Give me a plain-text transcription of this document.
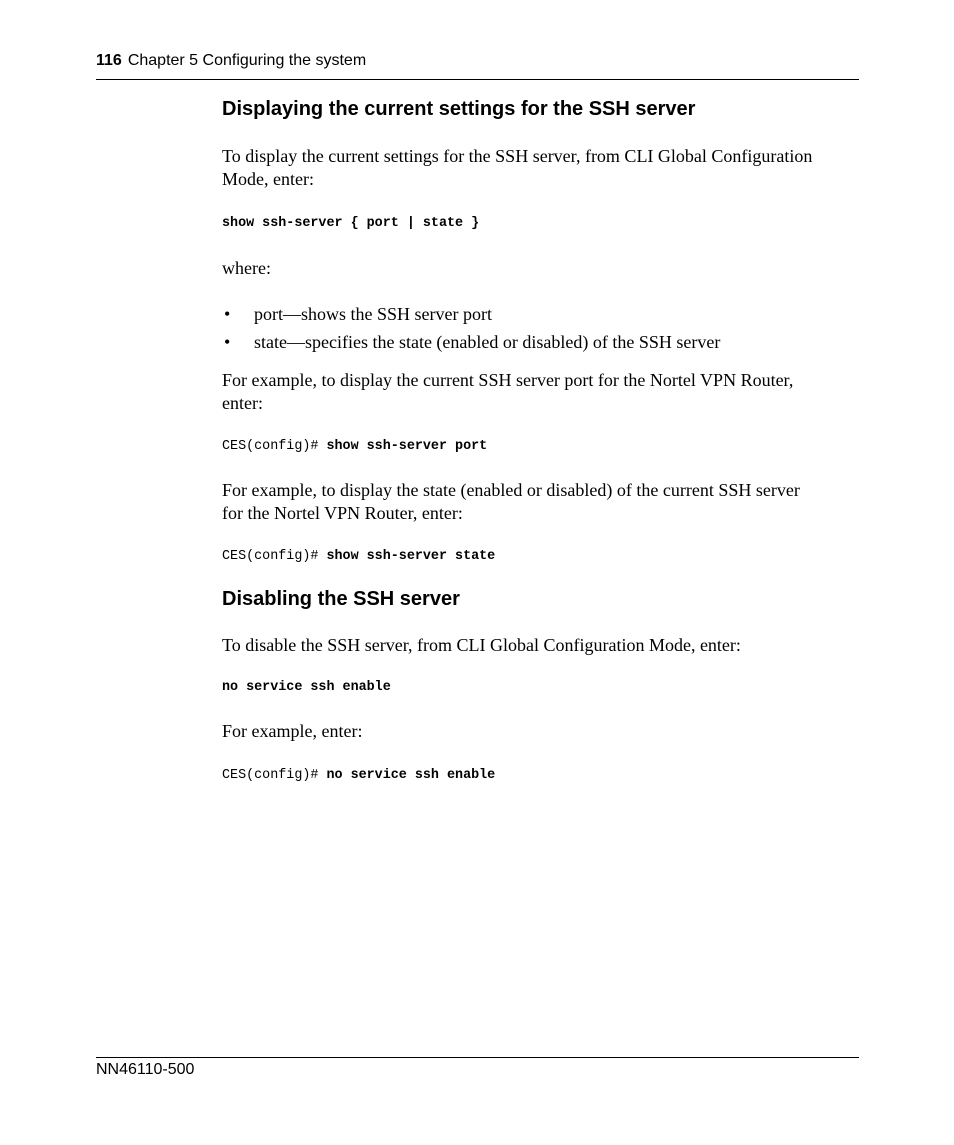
116 Chapter 5 Configuring the system
Displaying the current settings for the SSH server

To display the current settings for the SSH server, from CLI Global Configuration
Mode, enter:

show ssh-server { port | state }

where:

• port—shows the SSH server port
• state—specifies the state (enabled or disabled) of the SSH server

For example, to display the current SSH server port for the Nortel VPN Router,
enter:

CES(config)# show ssh-server port

For example, to display the state (enabled or disabled) of the current SSH server
for the Nortel VPN Router, enter:

CES(config)# show ssh-server state
Disabling the SSH server

To disable the SSH server, from CLI Global Configuration Mode, enter:

no service ssh enable

For example, enter:

CES(config)# no service ssh enable
NN46110-500
